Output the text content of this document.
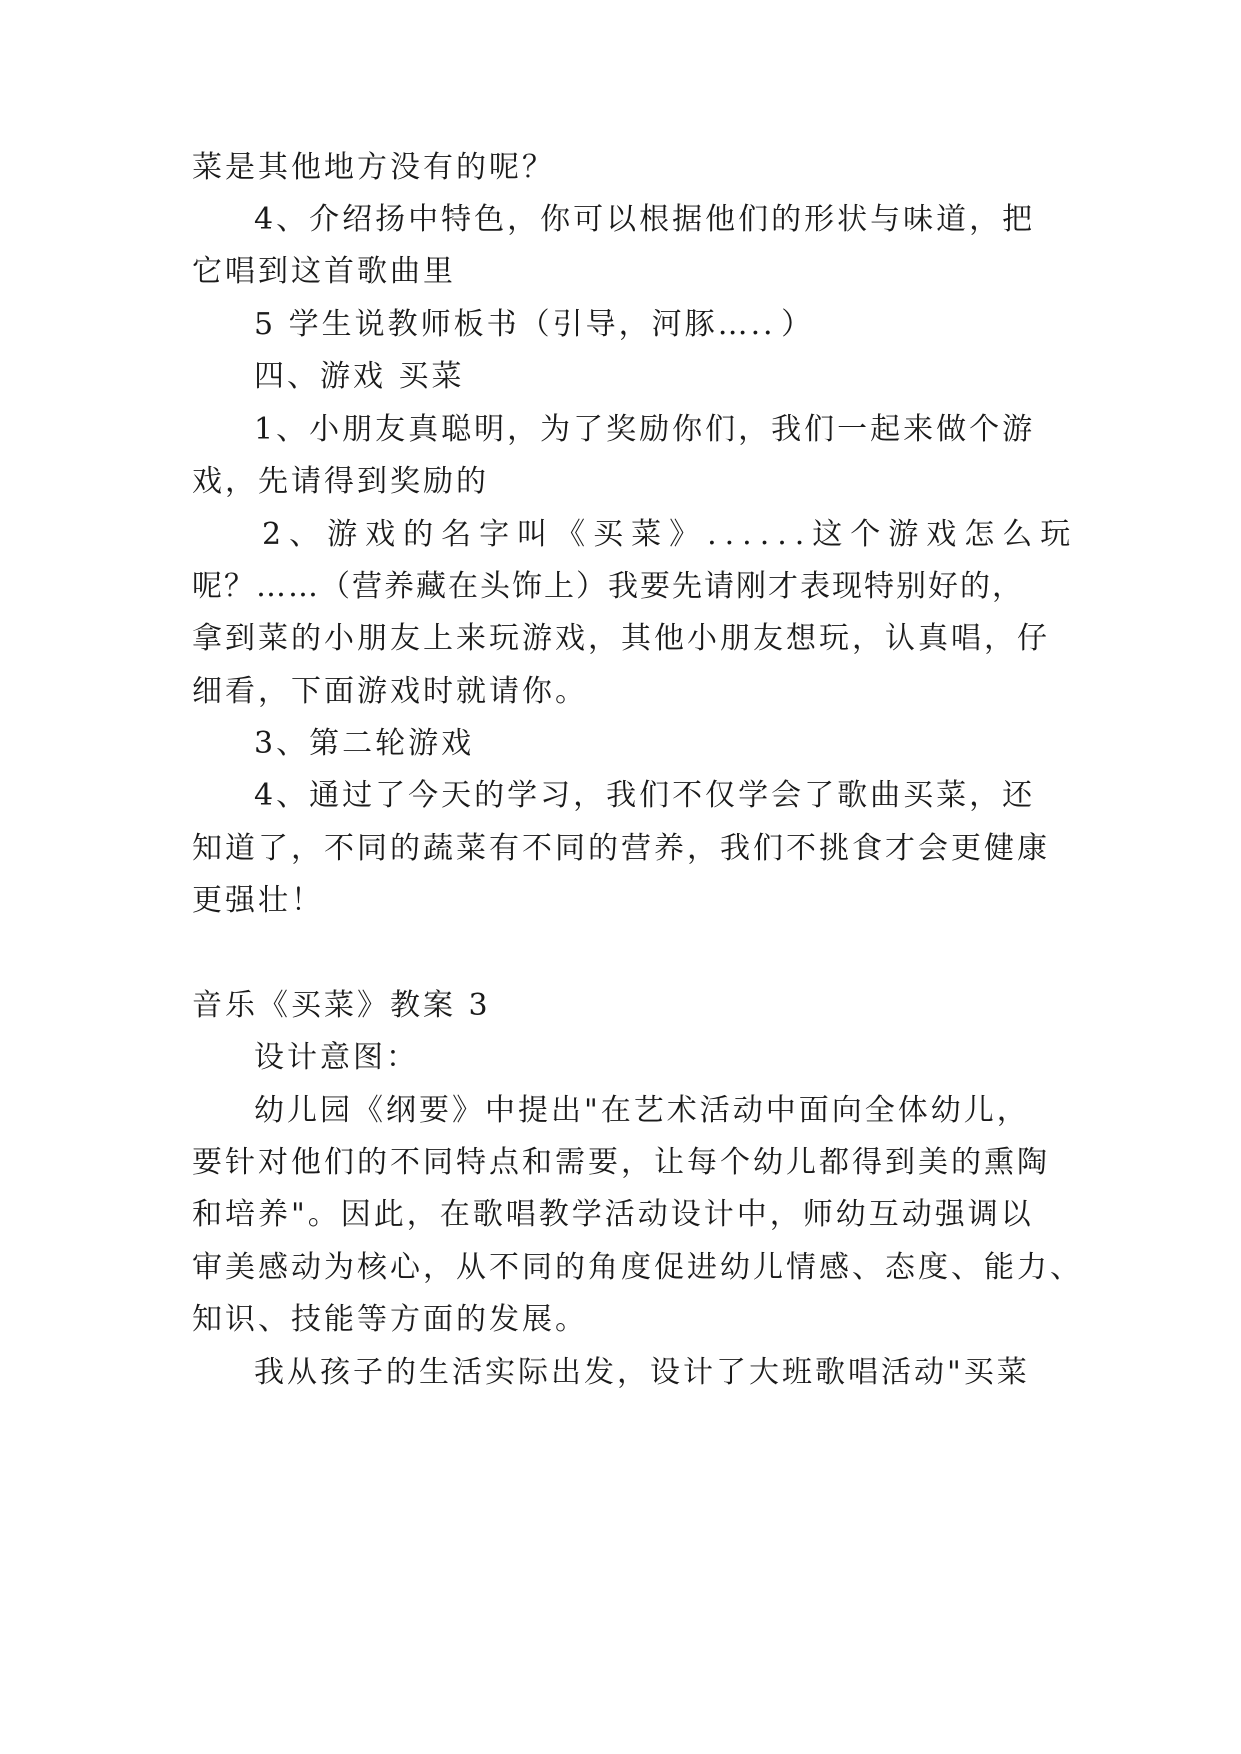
菜是其他地方没有的呢？
4、介绍扬中特色，你可以根据他们的形状与味道，把
它唱到这首歌曲里
5 学生说教师板书（引导，河豚….．）
四、游戏 买菜
1、小朋友真聪明，为了奖励你们，我们一起来做个游
戏，先请得到奖励的
2、游戏的名字叫《买菜》......这个游戏怎么玩
呢？……（营养藏在头饰上）我要先请刚才表现特别好的，
拿到菜的小朋友上来玩游戏，其他小朋友想玩，认真唱，仔
细看，下面游戏时就请你。
3、第二轮游戏
4、通过了今天的学习，我们不仅学会了歌曲买菜，还
知道了，不同的蔬菜有不同的营养，我们不挑食才会更健康
更强壮！
音乐《买菜》教案 3
设计意图：
幼儿园《纲要》中提出"在艺术活动中面向全体幼儿，
要针对他们的不同特点和需要，让每个幼儿都得到美的熏陶
和培养"。因此，在歌唱教学活动设计中，师幼互动强调以
审美感动为核心，从不同的角度促进幼儿情感、态度、能力、
知识、技能等方面的发展。
我从孩子的生活实际出发，设计了大班歌唱活动"买菜
